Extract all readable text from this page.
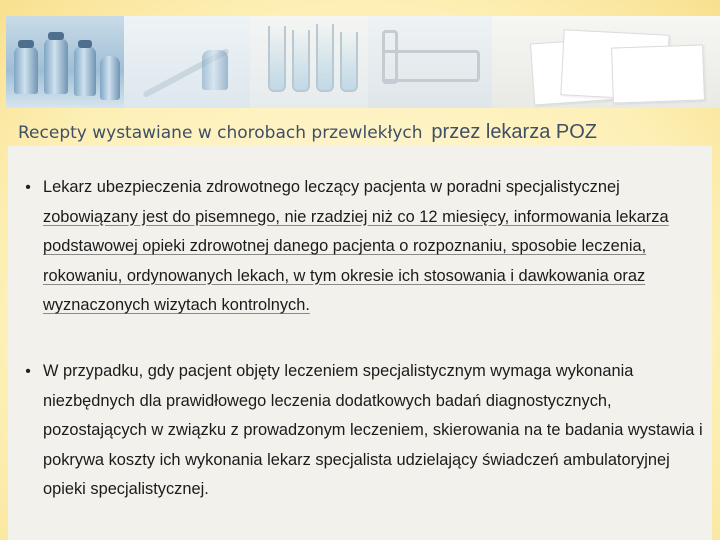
Recepty wystawiane w chorobach przewlekłych przez lekarza POZ
• Lekarz ubezpieczenia zdrowotnego leczący pacjenta w poradni specjalistycznej zobowiązany jest do pisemnego, nie rzadziej niż co 12 miesięcy, informowania lekarza podstawowej opieki zdrowotnej danego pacjenta o rozpoznaniu, sposobie leczenia, rokowaniu, ordynowanych lekach, w tym okresie ich stosowania i dawkowania oraz wyznaczonych wizytach kontrolnych.
• W przypadku, gdy pacjent objęty leczeniem specjalistycznym wymaga wykonania niezbędnych dla prawidłowego leczenia dodatkowych badań diagnostycznych, pozostających w związku z prowadzonym leczeniem, skierowania na te badania wystawia i pokrywa koszty ich wykonania lekarz specjalista udzielający świadczeń ambulatoryjnej opieki specjalistycznej.
